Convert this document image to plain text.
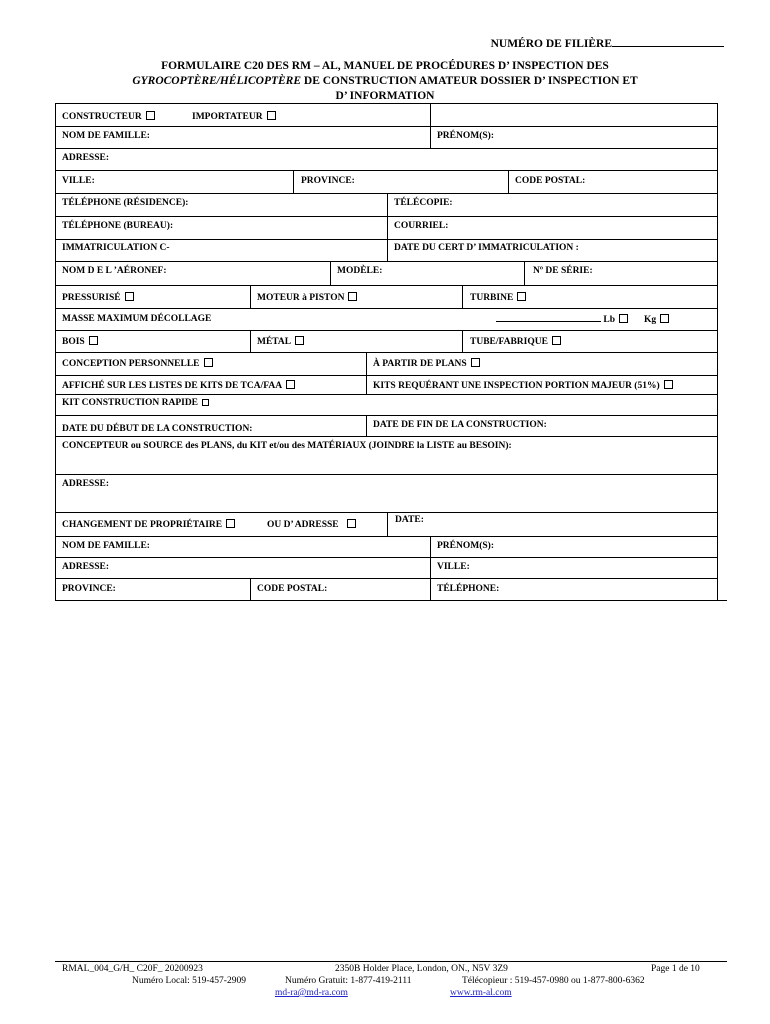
NUMÉRO DE FILIÈRE
FORMULAIRE C20 DES RM – AL, MANUEL DE PROCÉDURES D’ INSPECTION DES
GYROCOPTÈRE/HÉLICOPTÈRE DE CONSTRUCTION AMATEUR DOSSIER D’ INSPECTION ET
D’ INFORMATION
CONSTRUCTEUR	IMPORTATEUR
NOM DE FAMILLE:	PRÉNOM(S):
ADRESSE:
VILLE:	PROVINCE:	CODE POSTAL:
TÉLÉPHONE (RÉSIDENCE):	TÉLÉCOPIE:
TÉLÉPHONE (BUREAU):	COURRIEL:
IMMATRICULATION C-	DATE DU CERT D’ IMMATRICULATION :
NOM D E L ’AÉRONEF:	MODÈLE:	Nº DE SÉRIE:
PRESSURISÉ	MOTEUR à PISTON	TURBINE
MASSE MAXIMUM DÉCOLLAGE	Lb	Kg
BOIS	MÉTAL	TUBE/FABRIQUE
CONCEPTION PERSONNELLE	À PARTIR DE PLANS
AFFICHÉ SUR LES LISTES DE KITS DE TCA/FAA	KITS REQUÉRANT UNE INSPECTION PORTION MAJEUR (51%)
KIT CONSTRUCTION RAPIDE
DATE DU DÉBUT DE LA CONSTRUCTION:	DATE DE FIN DE LA CONSTRUCTION:
CONCEPTEUR ou SOURCE des PLANS, du KIT et/ou des MATÉRIAUX (JOINDRE la LISTE au BESOIN):
ADRESSE:
CHANGEMENT DE PROPRIÉTAIRE	OU D’ ADRESSE	DATE:
NOM DE FAMILLE:	PRÉNOM(S):
ADRESSE:	VILLE:
PROVINCE:	CODE POSTAL:	TÉLÉPHONE:
RMAL_004_G/H_ C20F_ 20200923	2350B Holder Place, London, ON., N5V 3Z9	Page 1 de 10
Numéro Local: 519-457-2909	Numéro Gratuit: 1-877-419-2111	Télécopieur : 519-457-0980 ou 1-877-800-6362
md-ra@md-ra.com	www.rm-al.com
